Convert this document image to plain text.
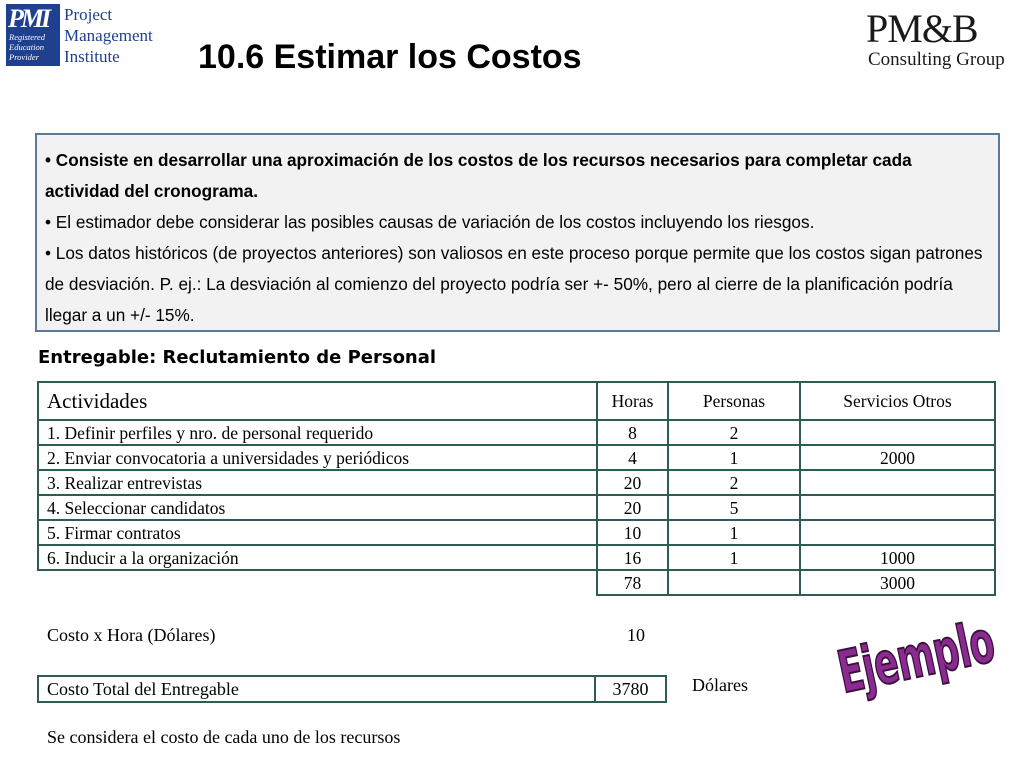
PMI
Registered
Education
Provider
Project
Management
Institute
PM&B
Consulting Group
10.6 Estimar los Costos

• Consiste en desarrollar una aproximación de los costos de los recursos necesarios para completar cada actividad del cronograma.

• El estimador debe considerar las posibles causas de variación de los costos incluyendo los riesgos.

• Los datos históricos (de proyectos anteriores) son valiosos en este proceso porque permite que los costos sigan patrones de desviación. P. ej.: La desviación al comienzo del proyecto podría ser +- 50%, pero al cierre de la planificación podría llegar a un +/- 15%.

Entregable: Reclutamiento de Personal
Actividades	Horas	Personas	Servicios Otros
1. Definir perfiles y nro. de personal requerido	8	2	
2. Enviar convocatoria a universidades y periódicos	4	1	2000
3. Realizar entrevistas	20	2	
4. Seleccionar candidatos	20	5	
5. Firmar contratos	10	1	
6. Inducir a la organización	16	1	1000
	78		3000
Costo x Hora (Dólares)	10
Costo Total del Entregable	3780 Dólares
Se considera el costo de cada uno de los recursos
Ejemplo
